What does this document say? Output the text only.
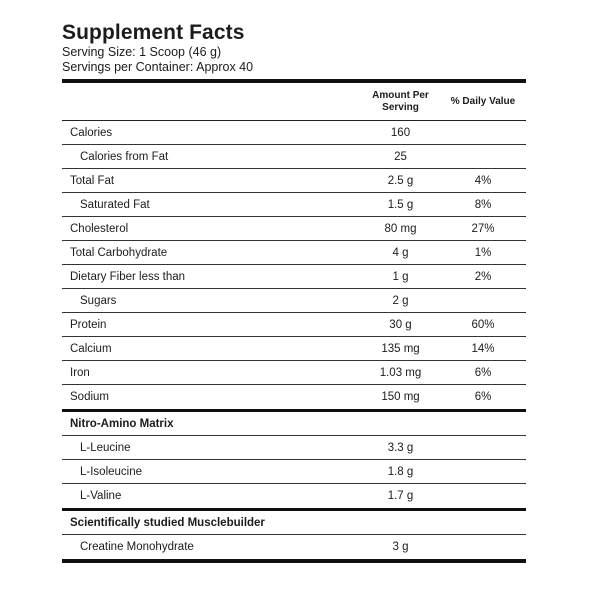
Supplement Facts
Serving Size: 1 Scoop (46 g)
Servings per Container: Approx 40
Amount Per Serving
% Daily Value
Calories	160
Calories from Fat	25
Total Fat	2.5 g	4%
Saturated Fat	1.5 g	8%
Cholesterol	80 mg	27%
Total Carbohydrate	4 g	1%
Dietary Fiber less than	1 g	2%
Sugars	2 g
Protein	30 g	60%
Calcium	135 mg	14%
Iron	1.03 mg	6%
Sodium	150 mg	6%
Nitro-Amino Matrix
L-Leucine	3.3 g
L-Isoleucine	1.8 g
L-Valine	1.7 g
Scientifically studied Musclebuilder
Creatine Monohydrate	3 g
